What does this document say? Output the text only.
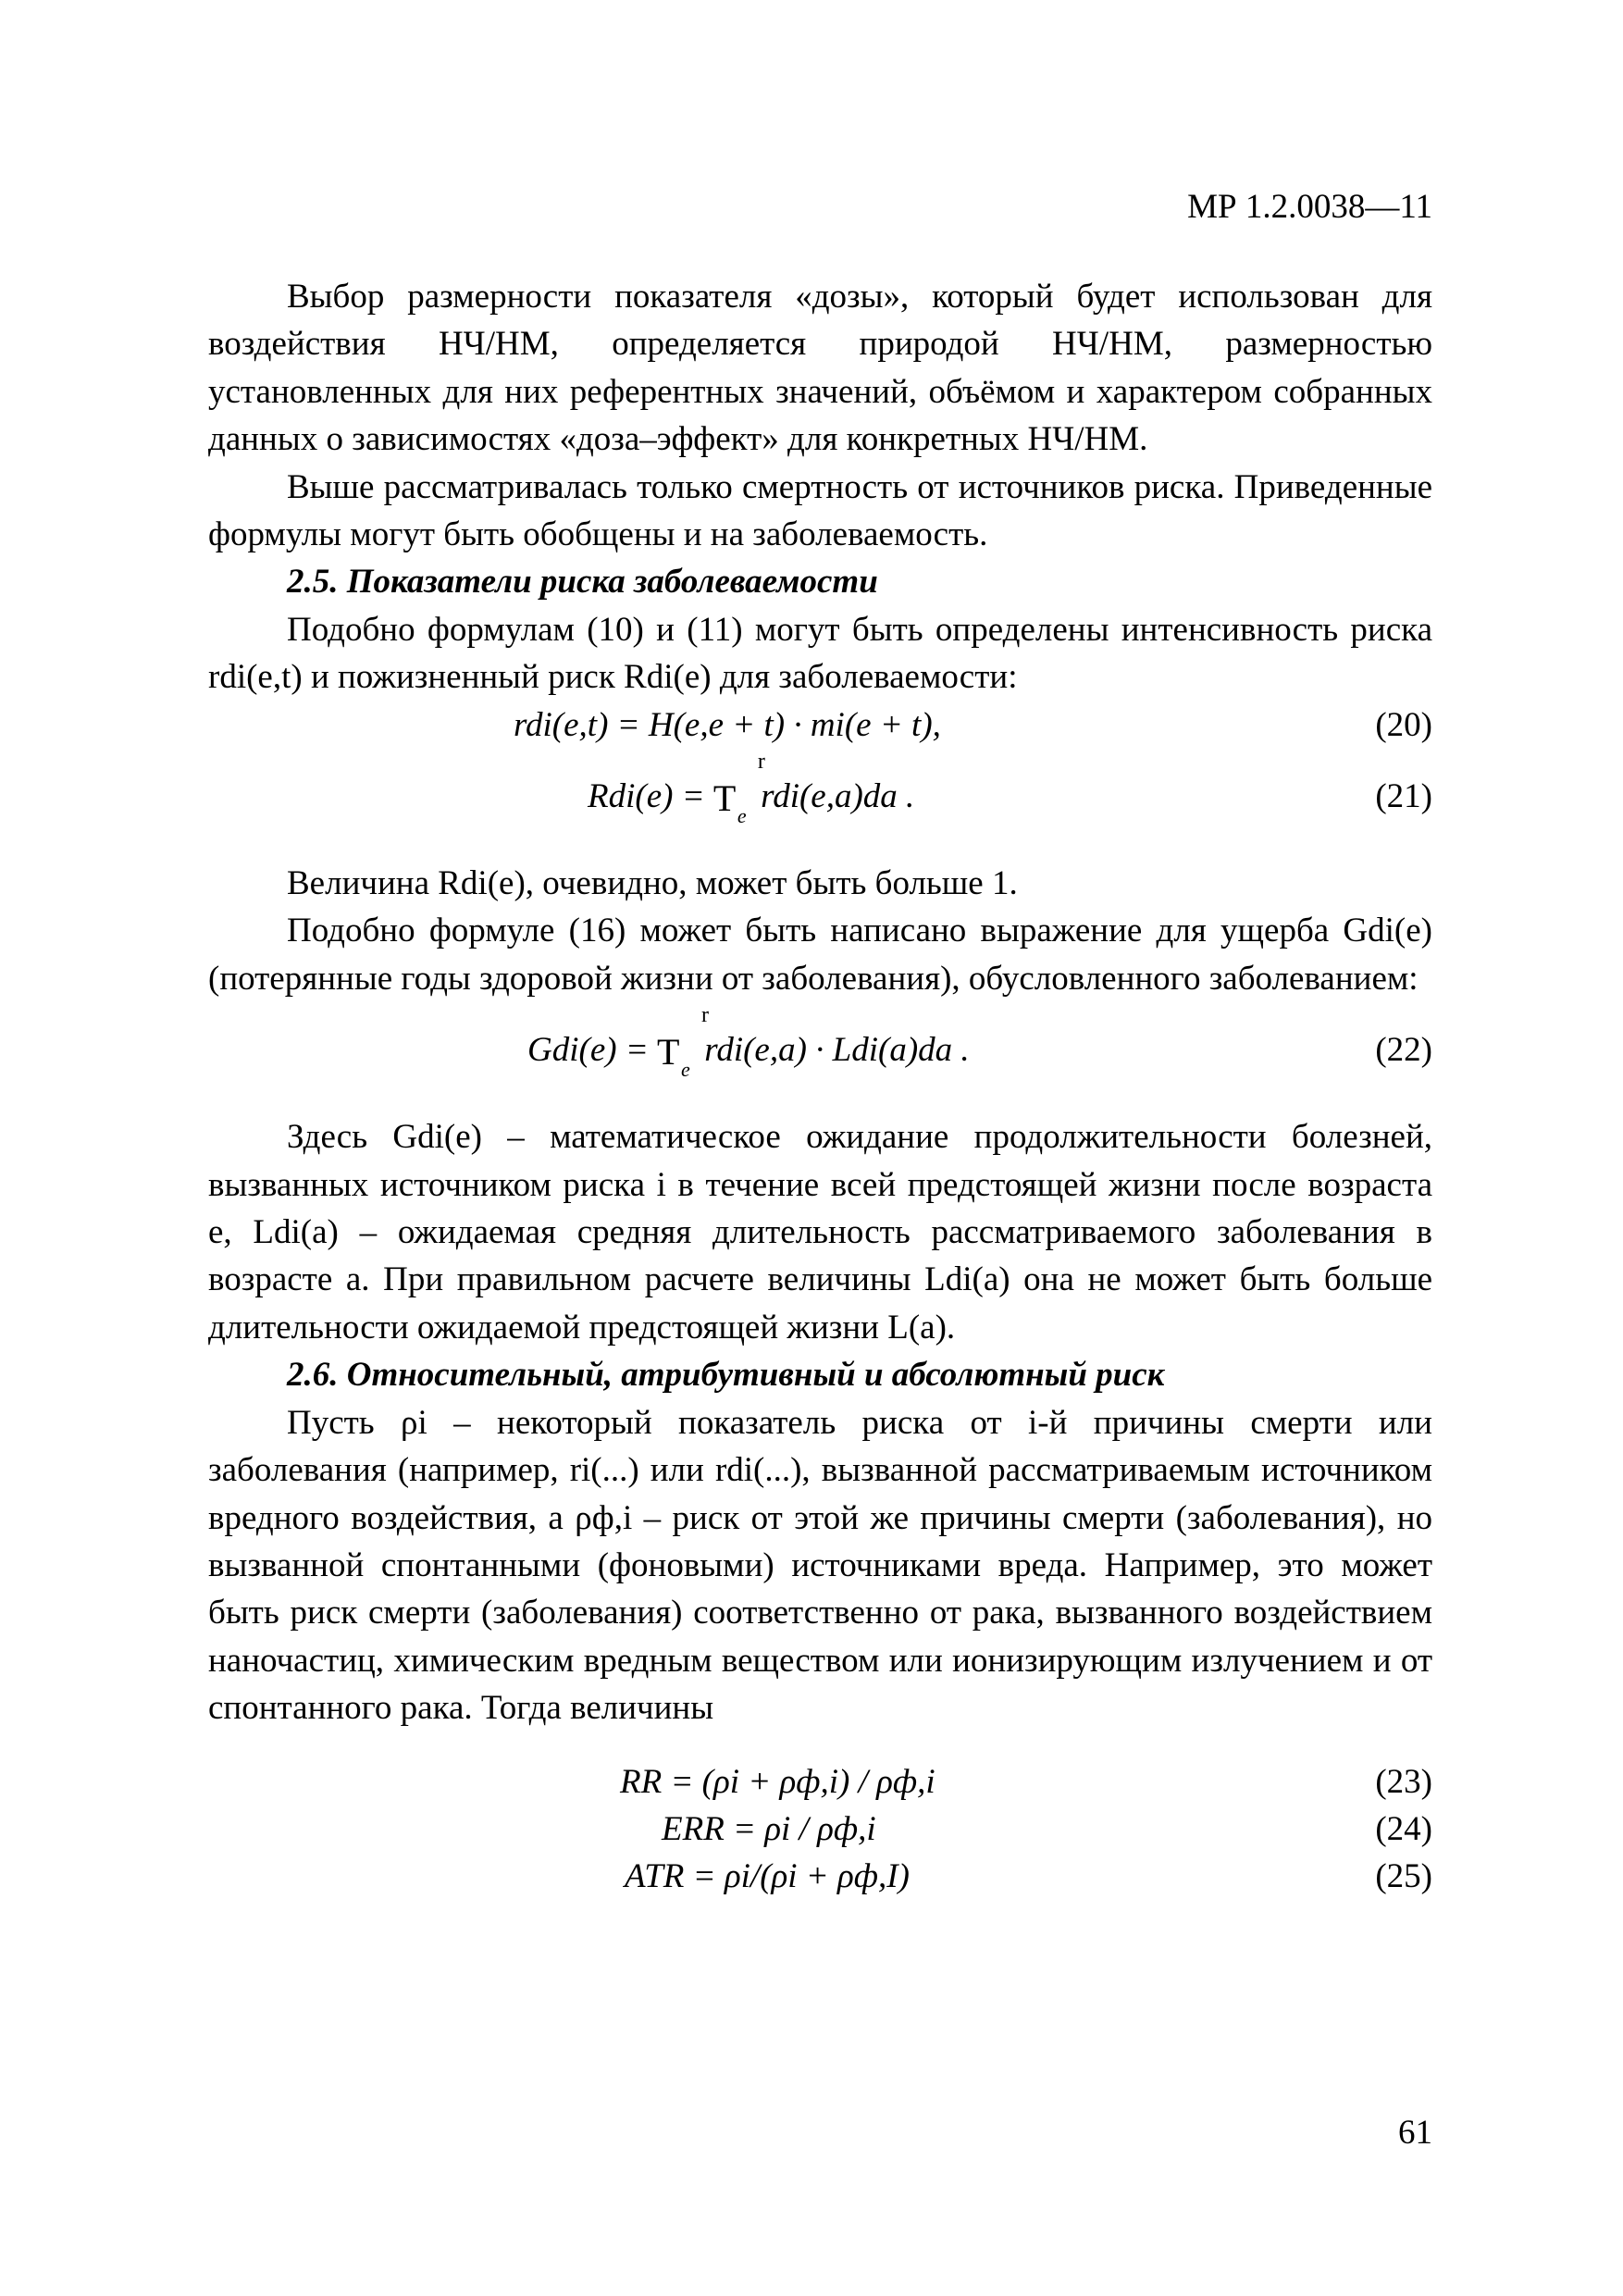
МР 1.2.0038—11

Выбор размерности показателя «дозы», который будет использован для воздействия НЧ/НМ, определяется природой НЧ/НМ, размерностью установленных для них референтных значений, объёмом и характером собранных данных о зависимостях «доза–эффект» для конкретных НЧ/НМ.

Выше рассматривалась только смертность от источников риска. Приведенные формулы могут быть обобщены и на заболеваемость.

2.5. Показатели риска заболеваемости

Подобно формулам (10) и (11) могут быть определены интенсивность риска rdi(e,t) и пожизненный риск Rdi(e) для заболеваемости:

rdi(e,t) = H(e,e + t) · mi(e + t),	(20)
Rdi(e) = T e
r
rdi(e,a)da .	(21)

Величина Rdi(e), очевидно, может быть больше 1.

Подобно формуле (16) может быть написано выражение для ущерба Gdi(e) (потерянные годы здоровой жизни от заболевания), обусловленного заболеванием:

Gdi(e) = T e
r
rdi(e,a) · Ldi(a)da .	(22)

Здесь Gdi(e) – математическое ожидание продолжительности болезней, вызванных источником риска i в течение всей предстоящей жизни после возраста e, Ldi(a) – ожидаемая средняя длительность рассматриваемого заболевания в возрасте a. При правильном расчете величины Ldi(a) она не может быть больше длительности ожидаемой предстоящей жизни L(a).

2.6. Относительный, атрибутивный и абсолютный риск

Пусть ρi – некоторый показатель риска от i-й причины смерти или заболевания (например, ri(...) или rdi(...), вызванной рассматриваемым источником вредного воздействия, а ρф,i – риск от этой же причины смерти (заболевания), но вызванной спонтанными (фоновыми) источниками вреда. Например, это может быть риск смерти (заболевания) соответственно от рака, вызванного воздействием наночастиц, химическим вредным веществом или ионизирующим излучением и от спонтанного рака. Тогда величины

RR = (ρi + ρф,i) / ρф,i	(23)
ERR = ρi / ρф,i	(24)
ATR = ρi/(ρi + ρф,I)	(25)
61
